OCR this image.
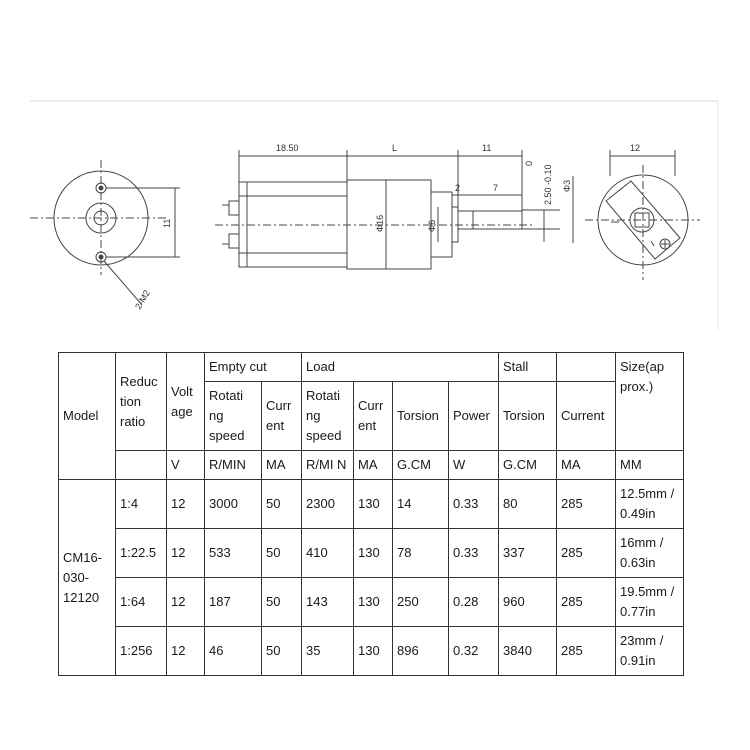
18.50	L	11	12
2	7
11
2-M2
Φ16	Φ6
Φ3
2.50 -0.10
0
Model	Reduc tion ratio	Volt age	Empty cut		Load				Stall		Size(ap prox.)
			Rotati ng speed	Curr ent	Rotati ng speed	Curr ent	Torsion	Power	Torsion	Current	
		V	R/MIN	MA	R/MI N	MA	G.CM	W	G.CM	MA	MM
CM16- 030- 12120	1:4	12	3000	50	2300	130	14	0.33	80	285	12.5mm / 0.49in
	1:22.5	12	533	50	410	130	78	0.33	337	285	16mm / 0.63in
	1:64	12	187	50	143	130	250	0.28	960	285	19.5mm / 0.77in
	1:256	12	46	50	35	130	896	0.32	3840	285	23mm / 0.91in
